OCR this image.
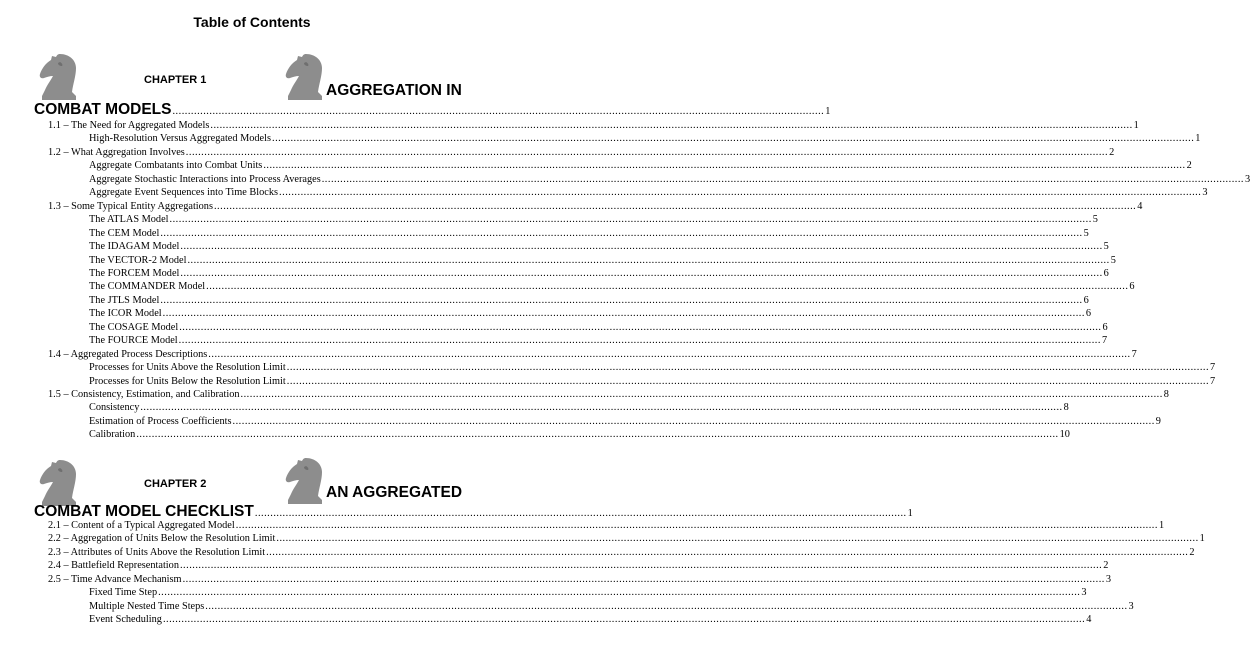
Table of Contents
CHAPTER 1
AGGREGATION IN
COMBAT MODELS .................................................................................................................................................................................................................... 1
1.1 – The Need for Aggregated Models ............................................................................................................................................................................................................................................................................................................ 1
High-Resolution Versus Aggregated Models ............................................................................................................................................................................................................................................................................................................ 1
1.2 – What Aggregation Involves ............................................................................................................................................................................................................................................................................................................ 2
Aggregate Combatants into Combat Units ............................................................................................................................................................................................................................................................................................................ 2
Aggregate Stochastic Interactions into Process Averages ............................................................................................................................................................................................................................................................................................................ 3
Aggregate Event Sequences into Time Blocks ............................................................................................................................................................................................................................................................................................................ 3
1.3 – Some Typical Entity Aggregations ............................................................................................................................................................................................................................................................................................................ 4
The ATLAS Model ............................................................................................................................................................................................................................................................................................................ 5
The CEM Model ............................................................................................................................................................................................................................................................................................................ 5
The IDAGAM Model ............................................................................................................................................................................................................................................................................................................ 5
The VECTOR-2 Model ............................................................................................................................................................................................................................................................................................................ 5
The FORCEM Model ............................................................................................................................................................................................................................................................................................................ 6
The COMMANDER Model ............................................................................................................................................................................................................................................................................................................ 6
The JTLS Model ............................................................................................................................................................................................................................................................................................................ 6
The ICOR Model ............................................................................................................................................................................................................................................................................................................ 6
The COSAGE Model ............................................................................................................................................................................................................................................................................................................ 6
The FOURCE Model ............................................................................................................................................................................................................................................................................................................ 7
1.4 – Aggregated Process Descriptions ............................................................................................................................................................................................................................................................................................................ 7
Processes for Units Above the Resolution Limit ............................................................................................................................................................................................................................................................................................................ 7
Processes for Units Below the Resolution Limit ............................................................................................................................................................................................................................................................................................................ 7
1.5 – Consistency, Estimation, and Calibration ............................................................................................................................................................................................................................................................................................................ 8
Consistency ............................................................................................................................................................................................................................................................................................................ 8
Estimation of Process Coefficients ............................................................................................................................................................................................................................................................................................................ 9
Calibration ............................................................................................................................................................................................................................................................................................................ 10
CHAPTER 2	AN AGGREGATED
COMBAT MODEL CHECKLIST .................................................................................................................................................................................................................... 1
2.1 – Content of a Typical Aggregated Model ............................................................................................................................................................................................................................................................................................................ 1
2.2 – Aggregation of Units Below the Resolution Limit ............................................................................................................................................................................................................................................................................................................ 1
2.3 – Attributes of Units Above the Resolution Limit ............................................................................................................................................................................................................................................................................................................ 2
2.4 – Battlefield Representation ............................................................................................................................................................................................................................................................................................................ 2
2.5 – Time Advance Mechanism ............................................................................................................................................................................................................................................................................................................ 3
Fixed Time Step ............................................................................................................................................................................................................................................................................................................ 3
Multiple Nested Time Steps ............................................................................................................................................................................................................................................................................................................ 3
Event Scheduling ............................................................................................................................................................................................................................................................................................................ 4
